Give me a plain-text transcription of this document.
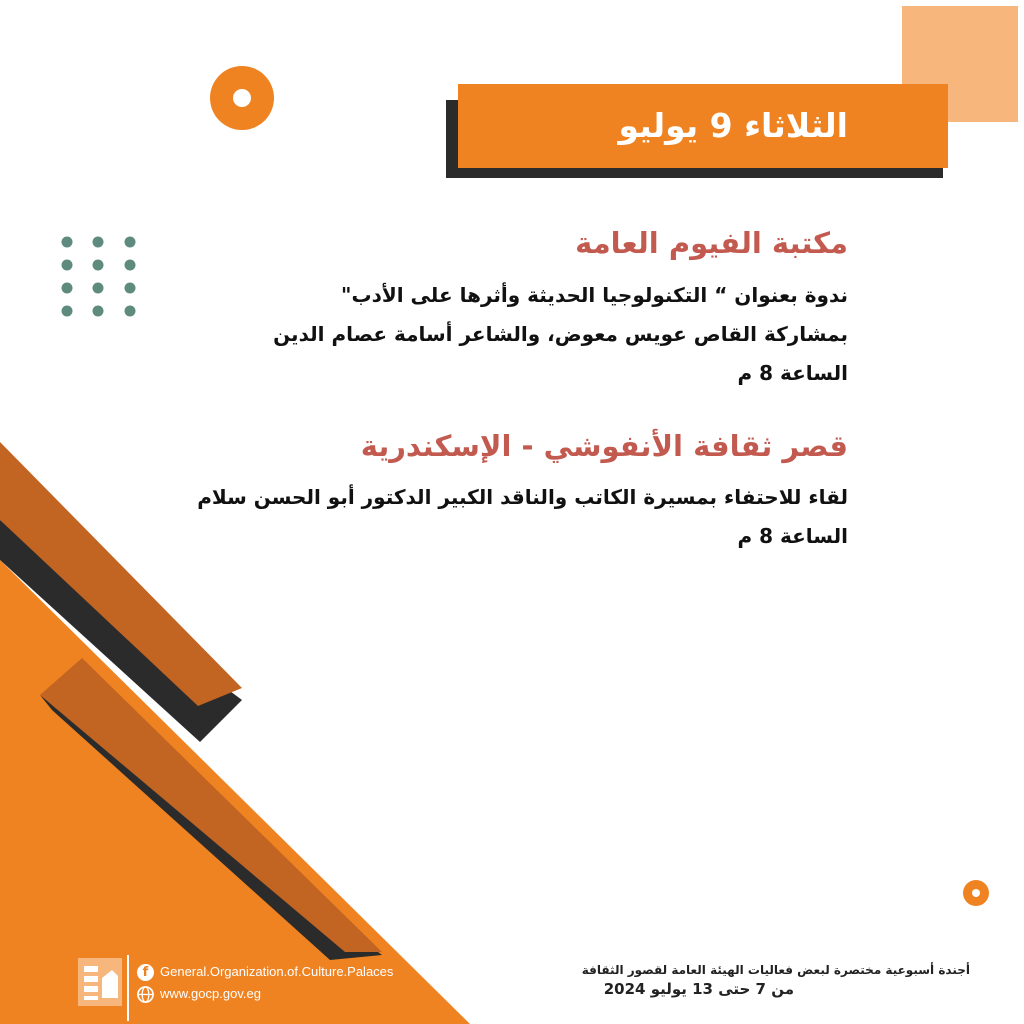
الثلاثاء 9 يوليو
مكتبة الفيوم العامة
ندوة بعنوان “ التكنولوجيا الحديثة وأثرها على الأدب"
بمشاركة القاص عويس معوض، والشاعر أسامة عصام الدين
الساعة 8 م
قصر ثقافة الأنفوشي - الإسكندرية
لقاء للاحتفاء بمسيرة الكاتب والناقد الكبير الدكتور أبو الحسن سلام
الساعة 8 م
f General.Organization.of.Culture.Palaces
www.gocp.gov.eg
أجندة أسبوعية مختصرة لبعض فعاليات الهيئة العامة لقصور الثقافة
من 7 حتى 13 يوليو 2024
